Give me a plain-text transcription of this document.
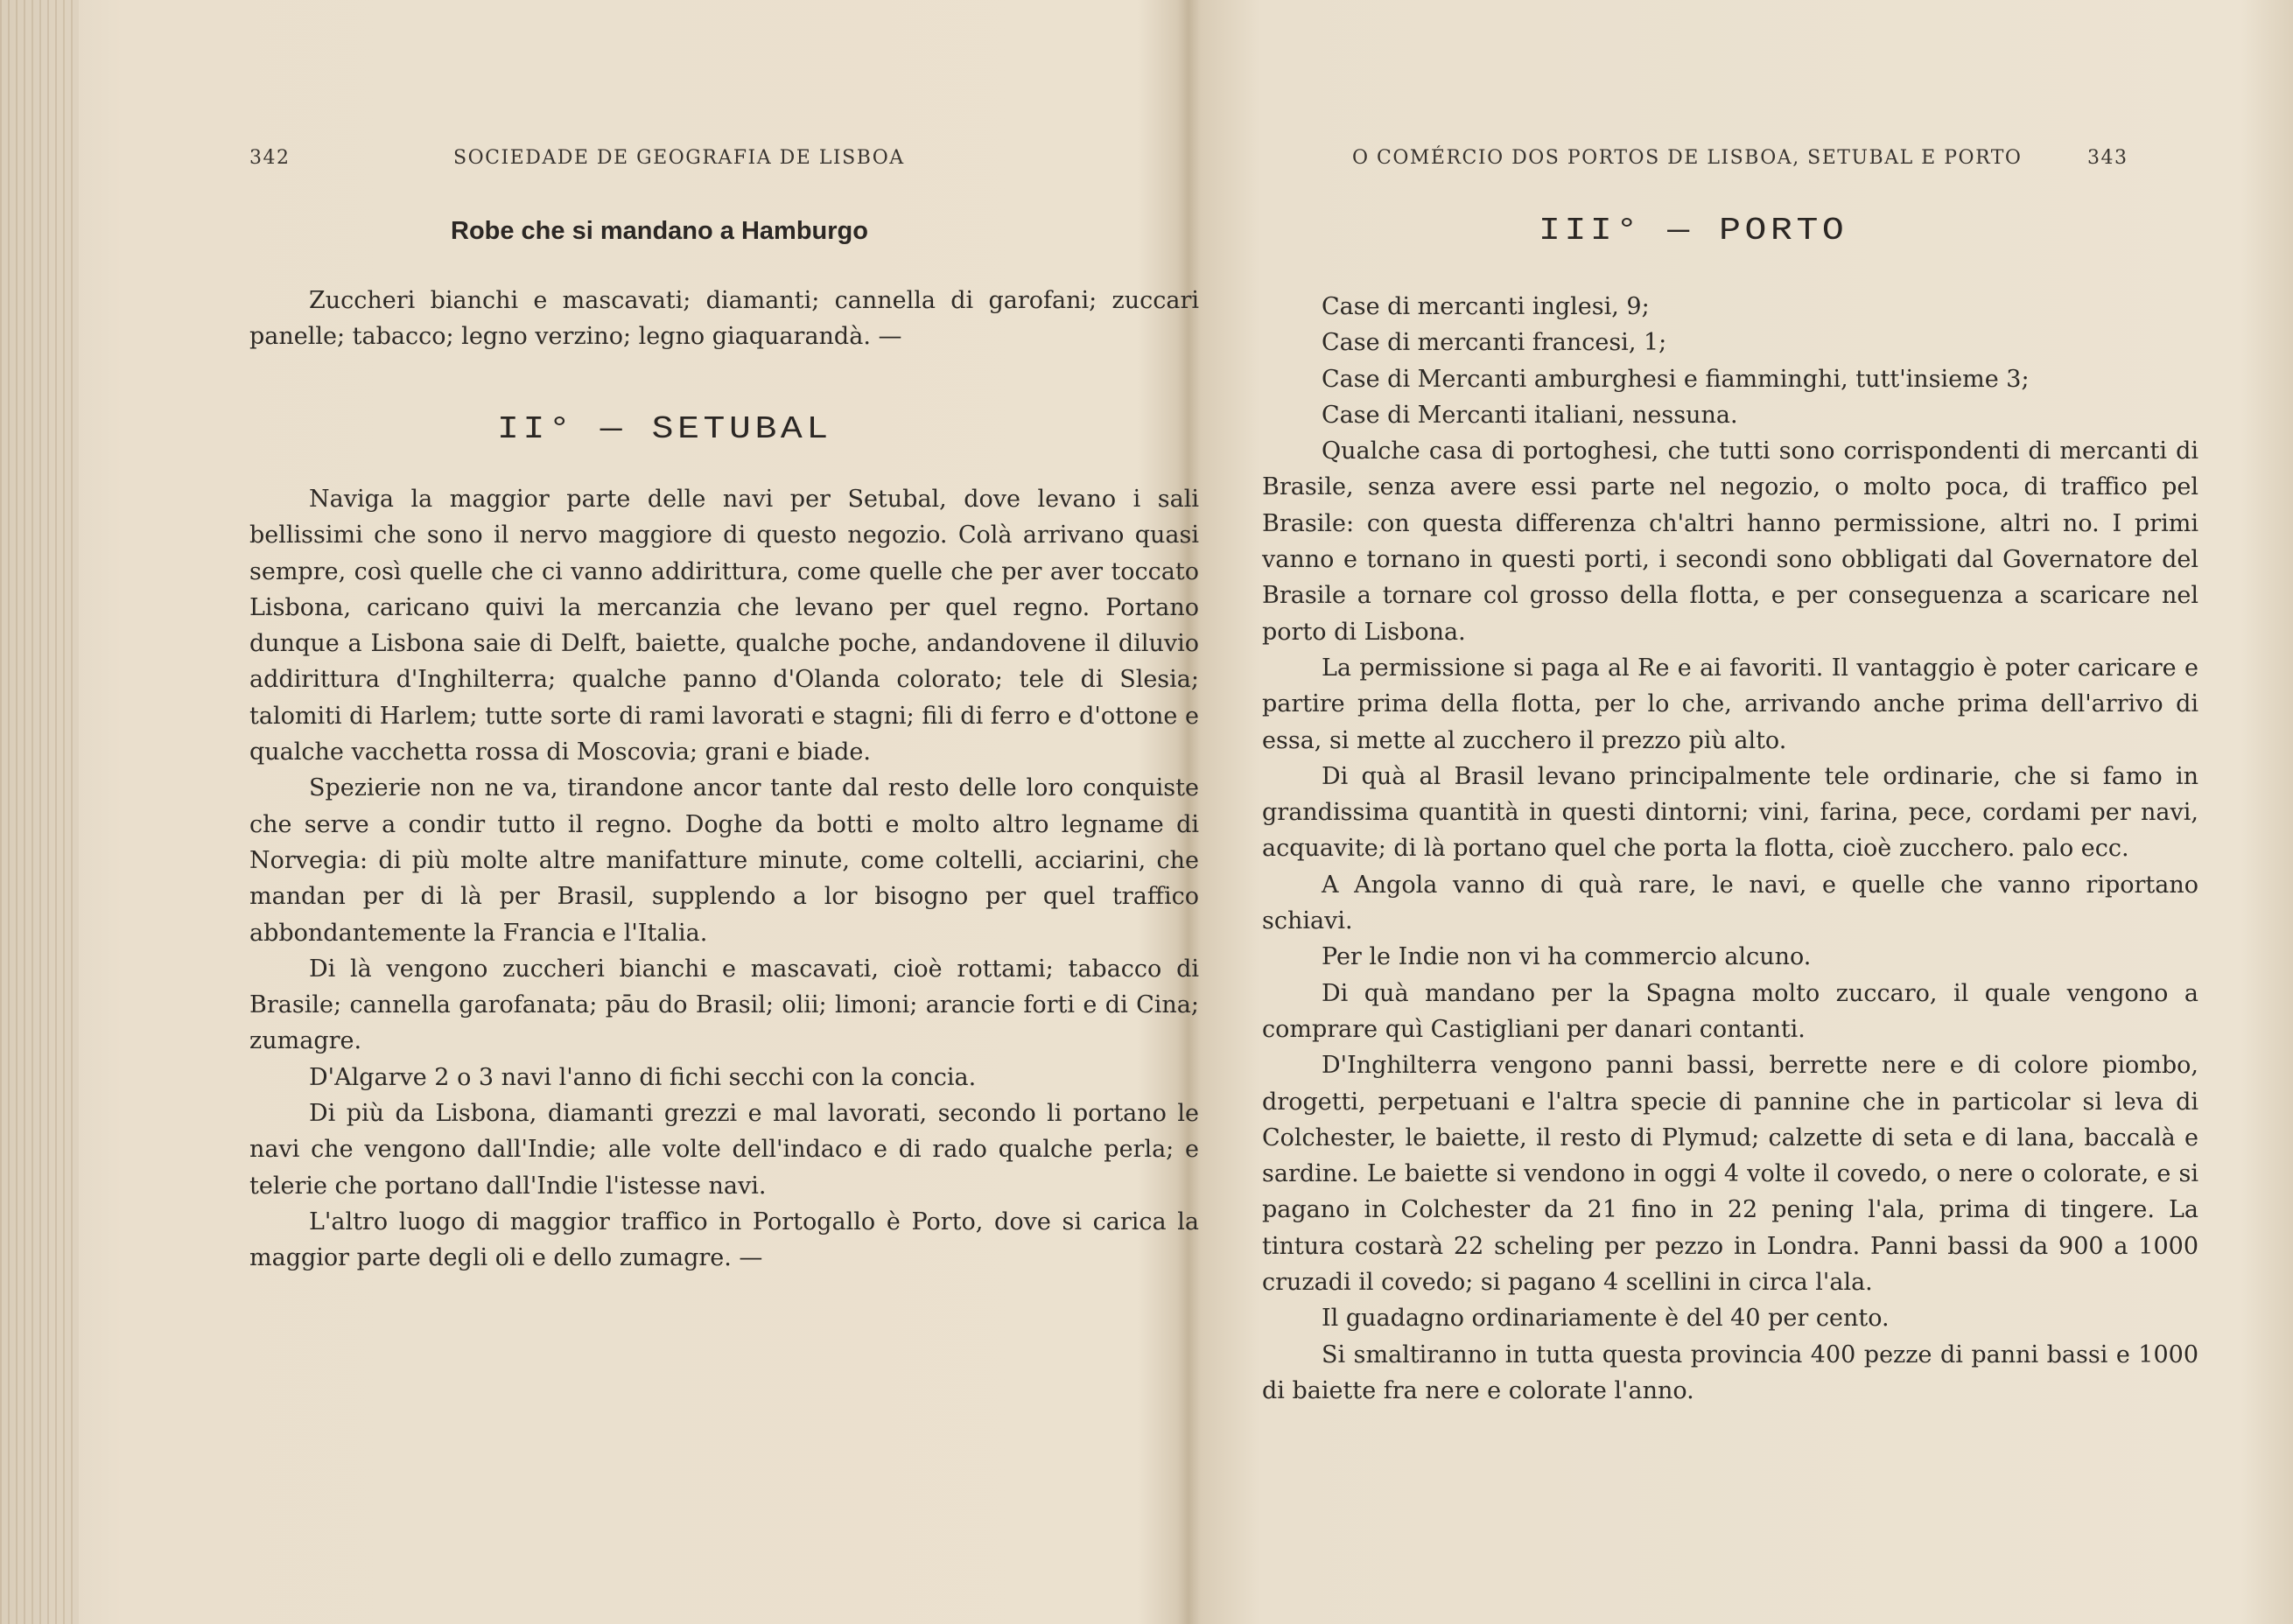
342	SOCIEDADE DE GEOGRAFIA DE LISBOA
Robe che si mandano a Hamburgo

Zuccheri bianchi e mascavati; diamanti; cannella di garofani; zuccari panelle; tabacco; legno verzino; legno giaquarandà. —

II° — SETUBAL

Naviga la maggior parte delle navi per Setubal, dove levano i sali bellissimi che sono il nervo maggiore di questo negozio. Colà arrivano quasi sempre, così quelle che ci vanno addirittura, come quelle che per aver toccato Lisbona, caricano quivi la mercanzia che levano per quel regno. Portano dunque a Lisbona saie di Delft, baiette, qualche poche, andandovene il diluvio addirittura d'Inghilterra; qualche panno d'Olanda colorato; tele di Slesia; talomiti di Harlem; tutte sorte di rami lavorati e stagni; fili di ferro e d'ottone e qualche vacchetta rossa di Moscovia; grani e biade.

Spezierie non ne va, tirandone ancor tante dal resto delle loro conquiste che serve a condir tutto il regno. Doghe da botti e molto altro legname di Norvegia: di più molte altre manifatture minute, come coltelli, acciarini, che mandan per di là per Brasil, supplendo a lor bisogno per quel traffico abbondantemente la Francia e l'Italia.

Di là vengono zuccheri bianchi e mascavati, cioè rottami; tabacco di Brasile; cannella garofanata; pāu do Brasil; olii; limoni; arancie forti e di Cina; zumagre.

D'Algarve 2 o 3 navi l'anno di fichi secchi con la concia.

Di più da Lisbona, diamanti grezzi e mal lavorati, secondo li portano le navi che vengono dall'Indie; alle volte dell'indaco e di rado qualche perla; e telerie che portano dall'Indie l'istesse navi.

L'altro luogo di maggior traffico in Portogallo è Porto, dove si carica la maggior parte degli oli e dello zumagre. —

O COMÉRCIO DOS PORTOS DE LISBOA, SETUBAL E PORTO	343
III° — PORTO

Case di mercanti inglesi, 9;

Case di mercanti francesi, 1;

Case di Mercanti amburghesi e fiamminghi, tutt'insieme 3;

Case di Mercanti italiani, nessuna.

Qualche casa di portoghesi, che tutti sono corrispondenti di mercanti di Brasile, senza avere essi parte nel negozio, o molto poca, di traffico pel Brasile: con questa differenza ch'altri hanno permissione, altri no. I primi vanno e tornano in questi porti, i secondi sono obbligati dal Governatore del Brasile a tornare col grosso della flotta, e per conseguenza a scaricare nel porto di Lisbona.

La permissione si paga al Re e ai favoriti. Il vantaggio è poter caricare e partire prima della flotta, per lo che, arrivando anche prima dell'arrivo di essa, si mette al zucchero il prezzo più alto.

Di quà al Brasil levano principalmente tele ordinarie, che si famo in grandissima quantità in questi dintorni; vini, farina, pece, cordami per navi, acquavite; di là portano quel che porta la flotta, cioè zucchero. palo ecc.

A Angola vanno di quà rare, le navi, e quelle che vanno riportano schiavi.

Per le Indie non vi ha commercio alcuno.

Di quà mandano per la Spagna molto zuccaro, il quale vengono a comprare quì Castigliani per danari contanti.

D'Inghilterra vengono panni bassi, berrette nere e di colore piombo, drogetti, perpetuani e l'altra specie di pannine che in particolar si leva di Colchester, le baiette, il resto di Plymud; calzette di seta e di lana, baccalà e sardine. Le baiette si vendono in oggi 4 volte il covedo, o nere o colorate, e si pagano in Colchester da 21 fino in 22 pening l'ala, prima di tingere. La tintura costarà 22 scheling per pezzo in Londra. Panni bassi da 900 a 1000 cruzadi il covedo; si pagano 4 scellini in circa l'ala.

Il guadagno ordinariamente è del 40 per cento.

Si smaltiranno in tutta questa provincia 400 pezze di panni bassi e 1000 di baiette fra nere e colorate l'anno.
